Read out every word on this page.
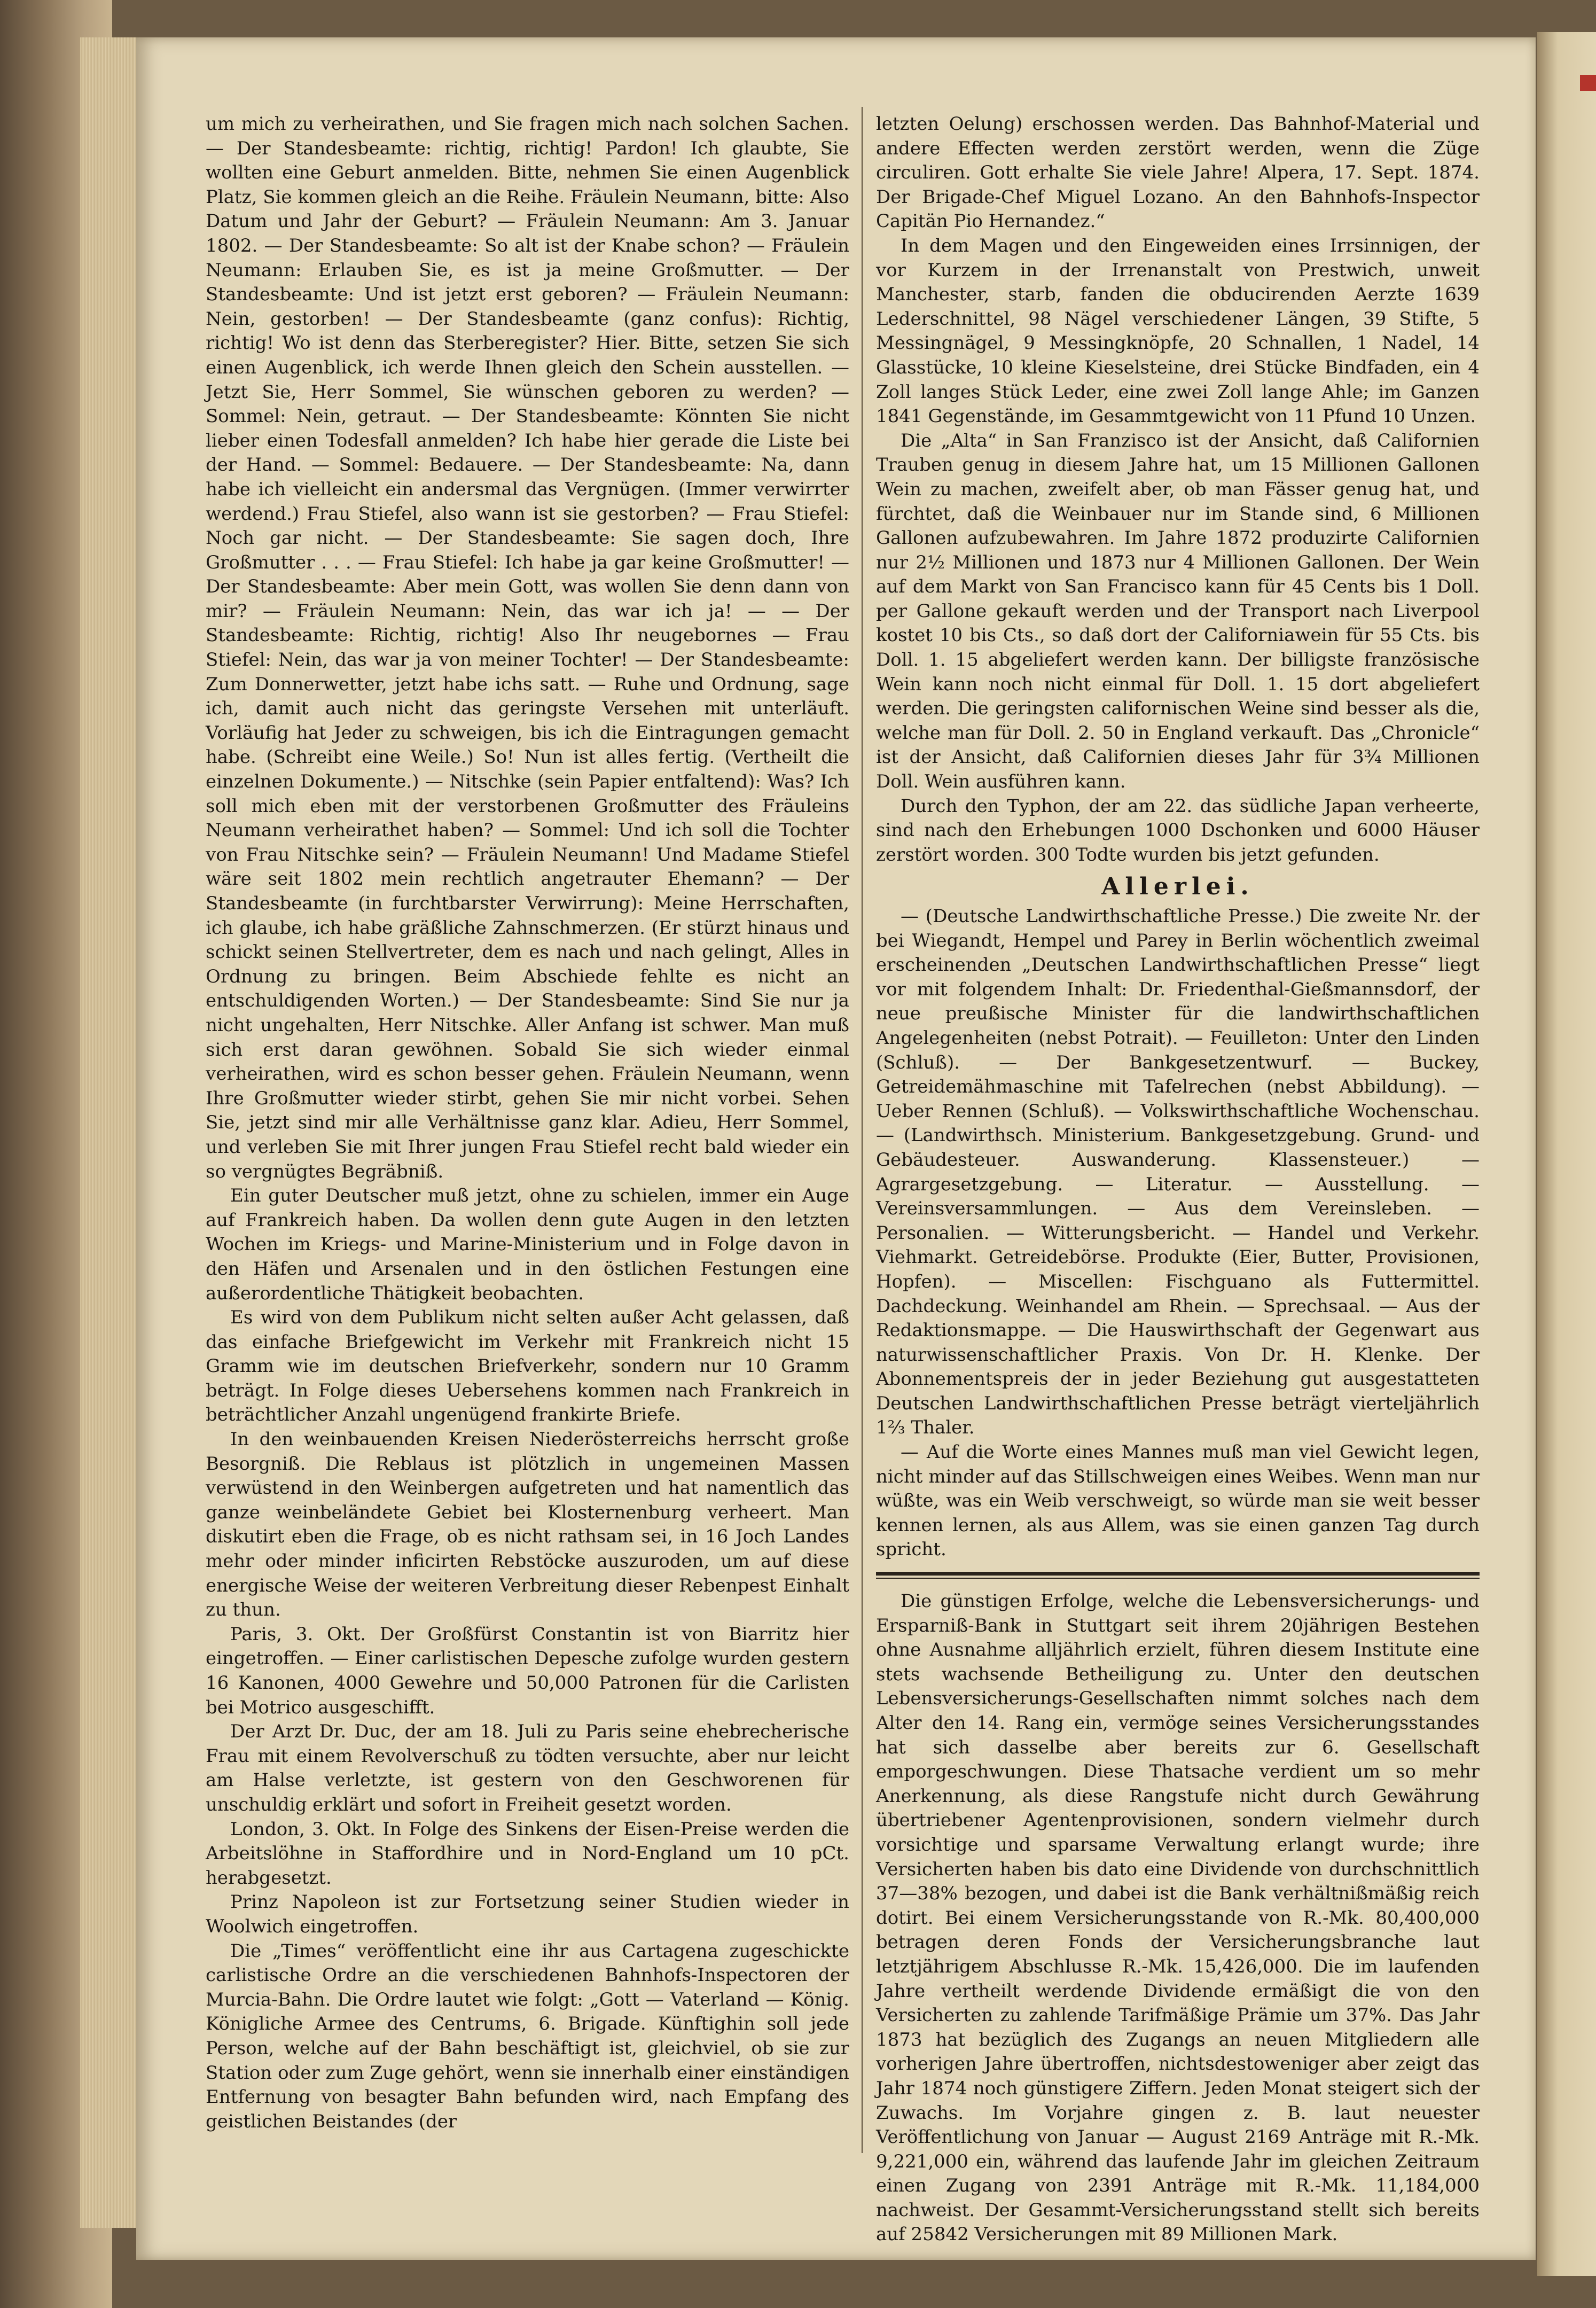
um mich zu verheirathen, und Sie fragen mich nach solchen Sachen. — Der Standesbeamte: richtig, richtig! Pardon! Ich glaubte, Sie wollten eine Geburt anmelden. Bitte, nehmen Sie einen Augenblick Platz, Sie kommen gleich an die Reihe. Fräulein Neumann, bitte: Also Datum und Jahr der Geburt? — Fräulein Neumann: Am 3. Januar 1802. — Der Standesbeamte: So alt ist der Knabe schon? — Fräulein Neumann: Erlauben Sie, es ist ja meine Großmutter. — Der Standesbeamte: Und ist jetzt erst geboren? — Fräulein Neumann: Nein, gestorben! — Der Standesbeamte (ganz confus): Richtig, richtig! Wo ist denn das Sterberegister? Hier. Bitte, setzen Sie sich einen Augenblick, ich werde Ihnen gleich den Schein ausstellen. — Jetzt Sie, Herr Sommel, Sie wünschen geboren zu werden? — Sommel: Nein, getraut. — Der Standesbeamte: Könnten Sie nicht lieber einen Todesfall anmelden? Ich habe hier gerade die Liste bei der Hand. — Sommel: Bedauere. — Der Standesbeamte: Na, dann habe ich vielleicht ein andersmal das Vergnügen. (Immer verwirrter werdend.) Frau Stiefel, also wann ist sie gestorben? — Frau Stiefel: Noch gar nicht. — Der Standesbeamte: Sie sagen doch, Ihre Großmutter . . . — Frau Stiefel: Ich habe ja gar keine Großmutter! — Der Standesbeamte: Aber mein Gott, was wollen Sie denn dann von mir? — Fräulein Neumann: Nein, das war ich ja! — — Der Standesbeamte: Richtig, richtig! Also Ihr neugebornes — Frau Stiefel: Nein, das war ja von meiner Tochter! — Der Standesbeamte: Zum Donnerwetter, jetzt habe ichs satt. — Ruhe und Ordnung, sage ich, damit auch nicht das geringste Versehen mit unterläuft. Vorläufig hat Jeder zu schweigen, bis ich die Eintragungen gemacht habe. (Schreibt eine Weile.) So! Nun ist alles fertig. (Vertheilt die einzelnen Dokumente.) — Nitschke (sein Papier entfaltend): Was? Ich soll mich eben mit der verstorbenen Großmutter des Fräuleins Neumann verheirathet haben? — Sommel: Und ich soll die Tochter von Frau Nitschke sein? — Fräulein Neumann! Und Madame Stiefel wäre seit 1802 mein rechtlich angetrauter Ehemann? — Der Standesbeamte (in furchtbarster Verwirrung): Meine Herrschaften, ich glaube, ich habe gräßliche Zahnschmerzen. (Er stürzt hinaus und schickt seinen Stellvertreter, dem es nach und nach gelingt, Alles in Ordnung zu bringen. Beim Abschiede fehlte es nicht an entschuldigenden Worten.) — Der Standesbeamte: Sind Sie nur ja nicht ungehalten, Herr Nitschke. Aller Anfang ist schwer. Man muß sich erst daran gewöhnen. Sobald Sie sich wieder einmal verheirathen, wird es schon besser gehen. Fräulein Neumann, wenn Ihre Großmutter wieder stirbt, gehen Sie mir nicht vorbei. Sehen Sie, jetzt sind mir alle Verhältnisse ganz klar. Adieu, Herr Sommel, und verleben Sie mit Ihrer jungen Frau Stiefel recht bald wieder ein so vergnügtes Begräbniß.

Ein guter Deutscher muß jetzt, ohne zu schielen, immer ein Auge auf Frankreich haben. Da wollen denn gute Augen in den letzten Wochen im Kriegs- und Marine-Ministerium und in Folge davon in den Häfen und Arsenalen und in den östlichen Festungen eine außerordentliche Thätigkeit beobachten.

Es wird von dem Publikum nicht selten außer Acht gelassen, daß das einfache Briefgewicht im Verkehr mit Frankreich nicht 15 Gramm wie im deutschen Briefverkehr, sondern nur 10 Gramm beträgt. In Folge dieses Uebersehens kommen nach Frankreich in beträchtlicher Anzahl ungenügend frankirte Briefe.

In den weinbauenden Kreisen Niederösterreichs herrscht große Besorgniß. Die Reblaus ist plötzlich in ungemeinen Massen verwüstend in den Weinbergen aufgetreten und hat namentlich das ganze weinbeländete Gebiet bei Klosternenburg verheert. Man diskutirt eben die Frage, ob es nicht rathsam sei, in 16 Joch Landes mehr oder minder inficirten Rebstöcke auszuroden, um auf diese energische Weise der weiteren Verbreitung dieser Rebenpest Einhalt zu thun.

Paris, 3. Okt. Der Großfürst Constantin ist von Biarritz hier eingetroffen. — Einer carlistischen Depesche zufolge wurden gestern 16 Kanonen, 4000 Gewehre und 50,000 Patronen für die Carlisten bei Motrico ausgeschifft.

Der Arzt Dr. Duc, der am 18. Juli zu Paris seine ehebrecherische Frau mit einem Revolverschuß zu tödten versuchte, aber nur leicht am Halse verletzte, ist gestern von den Geschworenen für unschuldig erklärt und sofort in Freiheit gesetzt worden.

London, 3. Okt. In Folge des Sinkens der Eisen-Preise werden die Arbeitslöhne in Staffordhire und in Nord-England um 10 pCt. herabgesetzt.

Prinz Napoleon ist zur Fortsetzung seiner Studien wieder in Woolwich eingetroffen.

Die „Times“ veröffentlicht eine ihr aus Cartagena zugeschickte carlistische Ordre an die verschiedenen Bahnhofs-Inspectoren der Murcia-Bahn. Die Ordre lautet wie folgt: „Gott — Vaterland — König. Königliche Armee des Centrums, 6. Brigade. Künftighin soll jede Person, welche auf der Bahn beschäftigt ist, gleichviel, ob sie zur Station oder zum Zuge gehört, wenn sie innerhalb einer einständigen Entfernung von besagter Bahn befunden wird, nach Empfang des geistlichen Beistandes (der

letzten Oelung) erschossen werden. Das Bahnhof-Material und andere Effecten werden zerstört werden, wenn die Züge circuliren. Gott erhalte Sie viele Jahre! Alpera, 17. Sept. 1874. Der Brigade-Chef Miguel Lozano. An den Bahnhofs-Inspector Capitän Pio Hernandez.“

In dem Magen und den Eingeweiden eines Irrsinnigen, der vor Kurzem in der Irrenanstalt von Prestwich, unweit Manchester, starb, fanden die obducirenden Aerzte 1639 Lederschnittel, 98 Nägel verschiedener Längen, 39 Stifte, 5 Messingnägel, 9 Messingknöpfe, 20 Schnallen, 1 Nadel, 14 Glasstücke, 10 kleine Kieselsteine, drei Stücke Bindfaden, ein 4 Zoll langes Stück Leder, eine zwei Zoll lange Ahle; im Ganzen 1841 Gegenstände, im Gesammtgewicht von 11 Pfund 10 Unzen.

Die „Alta“ in San Franzisco ist der Ansicht, daß Californien Trauben genug in diesem Jahre hat, um 15 Millionen Gallonen Wein zu machen, zweifelt aber, ob man Fässer genug hat, und fürchtet, daß die Weinbauer nur im Stande sind, 6 Millionen Gallonen aufzubewahren. Im Jahre 1872 produzirte Californien nur 2½ Millionen und 1873 nur 4 Millionen Gallonen. Der Wein auf dem Markt von San Francisco kann für 45 Cents bis 1 Doll. per Gallone gekauft werden und der Transport nach Liverpool kostet 10 bis Cts., so daß dort der Californiawein für 55 Cts. bis Doll. 1. 15 abgeliefert werden kann. Der billigste französische Wein kann noch nicht einmal für Doll. 1. 15 dort abgeliefert werden. Die geringsten californischen Weine sind besser als die, welche man für Doll. 2. 50 in England verkauft. Das „Chronicle“ ist der Ansicht, daß Californien dieses Jahr für 3¾ Millionen Doll. Wein ausführen kann.

Durch den Typhon, der am 22. das südliche Japan verheerte, sind nach den Erhebungen 1000 Dschonken und 6000 Häuser zerstört worden. 300 Todte wurden bis jetzt gefunden.

Allerlei.

— (Deutsche Landwirthschaftliche Presse.) Die zweite Nr. der bei Wiegandt, Hempel und Parey in Berlin wöchentlich zweimal erscheinenden „Deutschen Landwirthschaftlichen Presse“ liegt vor mit folgendem Inhalt: Dr. Friedenthal-Gießmannsdorf, der neue preußische Minister für die landwirthschaftlichen Angelegenheiten (nebst Potrait). — Feuilleton: Unter den Linden (Schluß). — Der Bankgesetzentwurf. — Buckey, Getreidemähmaschine mit Tafelrechen (nebst Abbildung). — Ueber Rennen (Schluß). — Volkswirthschaftliche Wochenschau. — (Landwirthsch. Ministerium. Bankgesetzgebung. Grund- und Gebäudesteuer. Auswanderung. Klassensteuer.) — Agrargesetzgebung. — Literatur. — Ausstellung. — Vereinsversammlungen. — Aus dem Vereinsleben. — Personalien. — Witterungsbericht. — Handel und Verkehr. Viehmarkt. Getreidebörse. Produkte (Eier, Butter, Provisionen, Hopfen). — Miscellen: Fischguano als Futtermittel. Dachdeckung. Weinhandel am Rhein. — Sprechsaal. — Aus der Redaktionsmappe. — Die Hauswirthschaft der Gegenwart aus naturwissenschaftlicher Praxis. Von Dr. H. Klenke. Der Abonnementspreis der in jeder Beziehung gut ausgestatteten Deutschen Landwirthschaftlichen Presse beträgt vierteljährlich 1⅔ Thaler.

— Auf die Worte eines Mannes muß man viel Gewicht legen, nicht minder auf das Stillschweigen eines Weibes. Wenn man nur wüßte, was ein Weib verschweigt, so würde man sie weit besser kennen lernen, als aus Allem, was sie einen ganzen Tag durch spricht.

Die günstigen Erfolge, welche die Lebensversicherungs- und Ersparniß-Bank in Stuttgart seit ihrem 20jährigen Bestehen ohne Ausnahme alljährlich erzielt, führen diesem Institute eine stets wachsende Betheiligung zu. Unter den deutschen Lebensversicherungs-Gesellschaften nimmt solches nach dem Alter den 14. Rang ein, vermöge seines Versicherungsstandes hat sich dasselbe aber bereits zur 6. Gesellschaft emporgeschwungen. Diese Thatsache verdient um so mehr Anerkennung, als diese Rangstufe nicht durch Gewährung übertriebener Agentenprovisionen, sondern vielmehr durch vorsichtige und sparsame Verwaltung erlangt wurde; ihre Versicherten haben bis dato eine Dividende von durchschnittlich 37—38% bezogen, und dabei ist die Bank verhältnißmäßig reich dotirt. Bei einem Versicherungsstande von R.-Mk. 80,400,000 betragen deren Fonds der Versicherungsbranche laut letztjährigem Abschlusse R.-Mk. 15,426,000. Die im laufenden Jahre vertheilt werdende Dividende ermäßigt die von den Versicherten zu zahlende Tarifmäßige Prämie um 37%. Das Jahr 1873 hat bezüglich des Zugangs an neuen Mitgliedern alle vorherigen Jahre übertroffen, nichtsdestoweniger aber zeigt das Jahr 1874 noch günstigere Ziffern. Jeden Monat steigert sich der Zuwachs. Im Vorjahre gingen z. B. laut neuester Veröffentlichung von Januar — August 2169 Anträge mit R.-Mk. 9,221,000 ein, während das laufende Jahr im gleichen Zeitraum einen Zugang von 2391 Anträge mit R.-Mk. 11,184,000 nachweist. Der Gesammt-Versicherungsstand stellt sich bereits auf 25842 Versicherungen mit 89 Millionen Mark.
